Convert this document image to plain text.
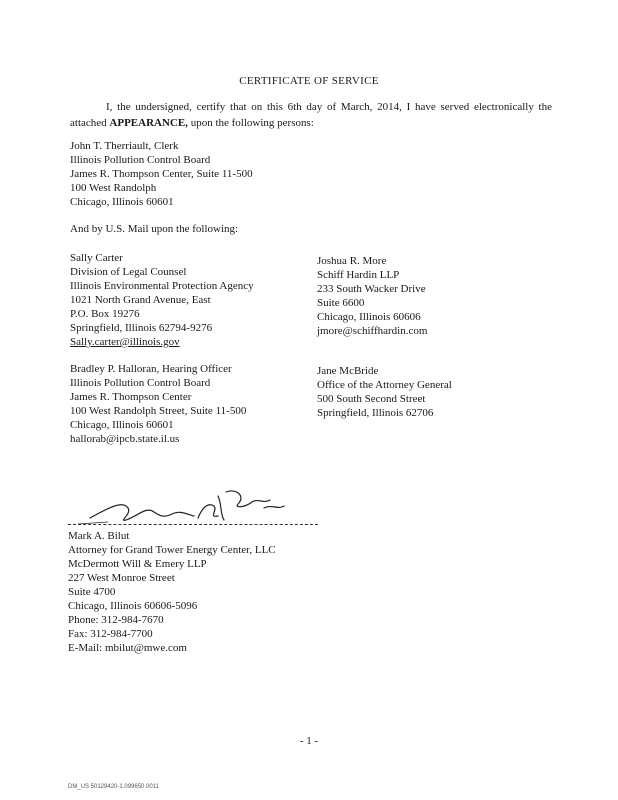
CERTIFICATE OF SERVICE
I, the undersigned, certify that on this 6th day of March, 2014, I have served electronically the attached APPEARANCE, upon the following persons:
John T. Therriault, Clerk
Illinois Pollution Control Board
James R. Thompson Center, Suite 11-500
100 West Randolph
Chicago, Illinois 60601
And by U.S. Mail upon the following:
Sally Carter
Division of Legal Counsel
Illinois Environmental Protection Agency
1021 North Grand Avenue, East
P.O. Box 19276
Springfield, Illinois 62794-9276
Sally.carter@illinois.gov
Bradley P. Halloran, Hearing Officer
Illinois Pollution Control Board
James R. Thompson Center
100 West Randolph Street, Suite 11-500
Chicago, Illinois 60601
hallorab@ipcb.state.il.us
Joshua R. More
Schiff Hardin LLP
233 South Wacker Drive
Suite 6600
Chicago, Illinois 60606
jmore@schiffhardin.com
Jane McBride
Office of the Attorney General
500 South Second Street
Springfield, Illinois 62706
Mark A. Bilut
Attorney for Grand Tower Energy Center, LLC
McDermott Will & Emery LLP
227 West Monroe Street
Suite 4700
Chicago, Illinois 60606-5096
Phone: 312-984-7670
Fax: 312-984-7700
E-Mail: mbilut@mwe.com
- 1 -
DM_US 50129420-1.099650.0011
